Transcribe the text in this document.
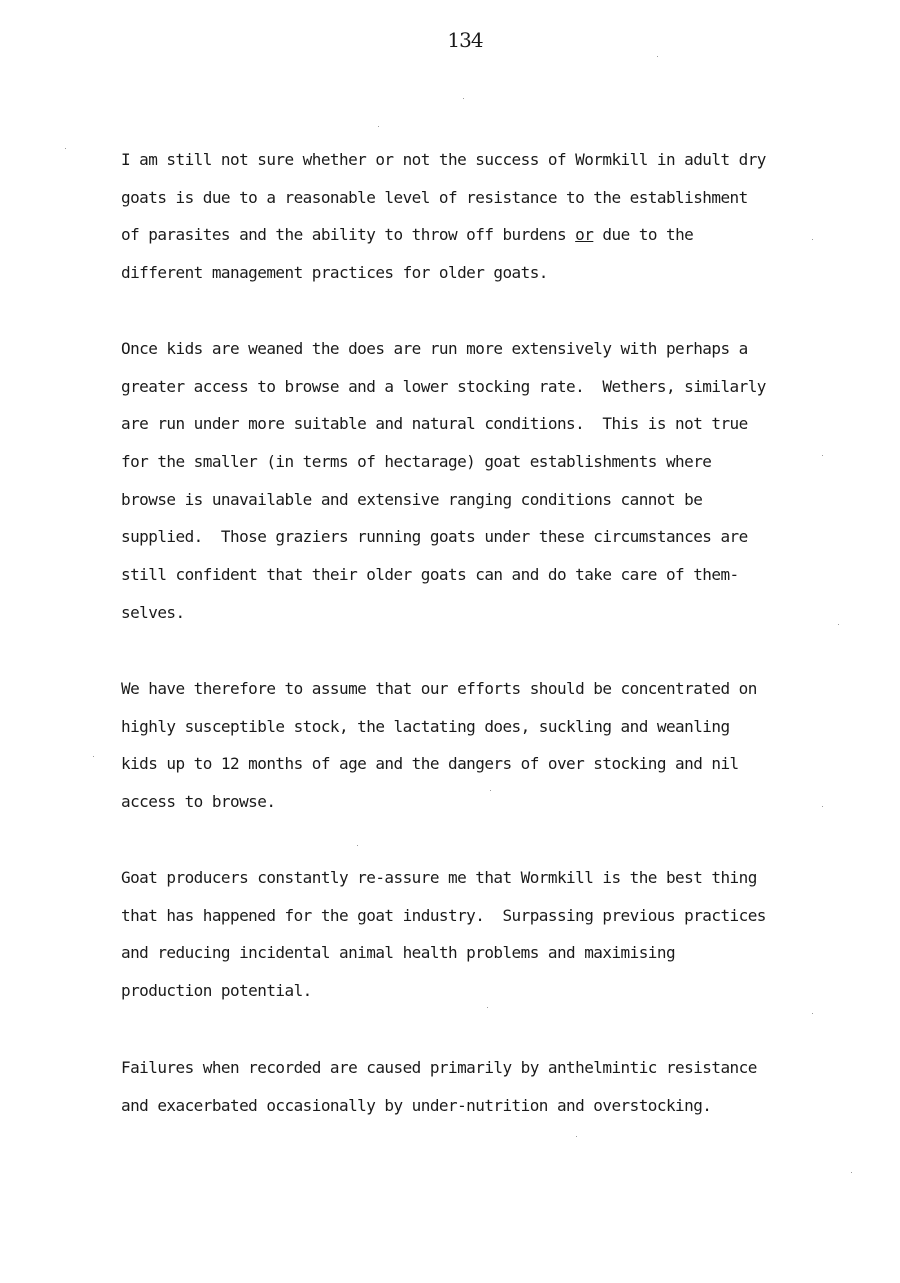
134

I am still not sure whether or not the success of Wormkill in adult dry
goats is due to a reasonable level of resistance to the establishment
of parasites and the ability to throw off burdens or due to the
different management practices for older goats.
Once kids are weaned the does are run more extensively with perhaps a
greater access to browse and a lower stocking rate.  Wethers, similarly
are run under more suitable and natural conditions.  This is not true
for the smaller (in terms of hectarage) goat establishments where
browse is unavailable and extensive ranging conditions cannot be
supplied.  Those graziers running goats under these circumstances are
still confident that their older goats can and do take care of them-
selves.
We have therefore to assume that our efforts should be concentrated on
highly susceptible stock, the lactating does, suckling and weanling
kids up to 12 months of age and the dangers of over stocking and nil
access to browse.
Goat producers constantly re-assure me that Wormkill is the best thing
that has happened for the goat industry.  Surpassing previous practices
and reducing incidental animal health problems and maximising
production potential.
Failures when recorded are caused primarily by anthelmintic resistance
and exacerbated occasionally by under-nutrition and overstocking.
